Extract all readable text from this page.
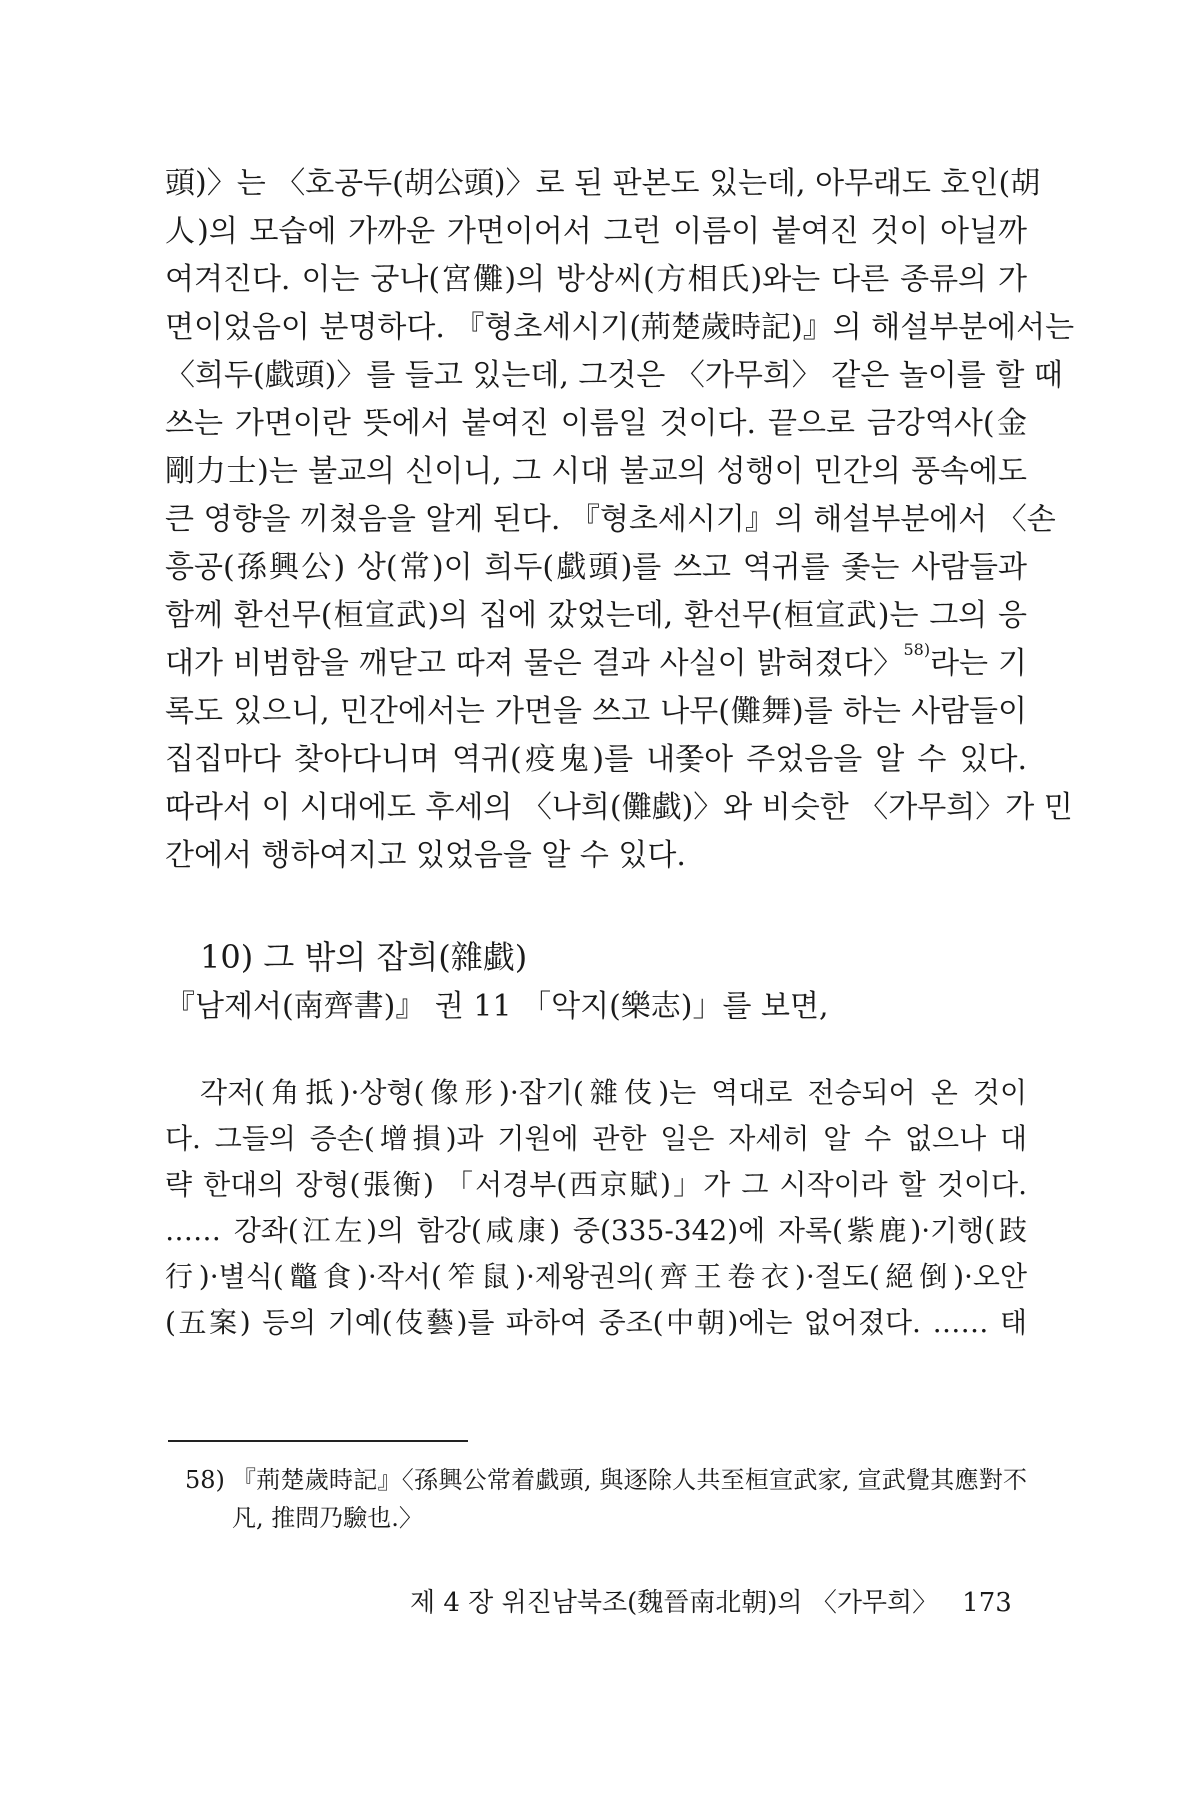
頭)〉는 〈호공두(胡公頭)〉로 된 판본도 있는데, 아무래도 호인(胡
人)의 모습에 가까운 가면이어서 그런 이름이 붙여진 것이 아닐까
여겨진다. 이는 궁나(宮儺)의 방상씨(方相氏)와는 다른 종류의 가
면이었음이 분명하다. 『형초세시기(荊楚歲時記)』의 해설부분에서는
〈희두(戱頭)〉를 들고 있는데, 그것은 〈가무희〉 같은 놀이를 할 때
쓰는 가면이란 뜻에서 붙여진 이름일 것이다. 끝으로 금강역사(金
剛力士)는 불교의 신이니, 그 시대 불교의 성행이 민간의 풍속에도
큰 영향을 끼쳤음을 알게 된다. 『형초세시기』의 해설부분에서 〈손
흥공(孫興公) 상(常)이 희두(戱頭)를 쓰고 역귀를 좇는 사람들과
함께 환선무(桓宣武)의 집에 갔었는데, 환선무(桓宣武)는 그의 응
대가 비범함을 깨닫고 따져 물은 결과 사실이 밝혀졌다〉$^{58)}$라는 기
록도 있으니, 민간에서는 가면을 쓰고 나무(儺舞)를 하는 사람들이
집집마다 찾아다니며 역귀(疫鬼)를 내쫓아 주었음을 알 수 있다.
따라서 이 시대에도 후세의 〈나희(儺戱)〉와 비슷한 〈가무희〉가 민
간에서 행하여지고 있었음을 알 수 있다.
10) 그 밖의 잡희(雜戱)
『남제서(南齊書)』 권 11 「악지(樂志)」를 보면,
각저(角抵)·상형(像形)·잡기(雜伎)는 역대로 전승되어 온 것이
다. 그들의 증손(增損)과 기원에 관한 일은 자세히 알 수 없으나 대
략 한대의 장형(張衡) 「서경부(西京賦)」가 그 시작이라 할 것이다.
…… 강좌(江左)의 함강(咸康) 중(335-342)에 자록(紫鹿)·기행(跂
行)·별식(鼈食)·작서(笮鼠)·제왕권의(齊王卷衣)·절도(絕倒)·오안
(五案) 등의 기예(伎藝)를 파하여 중조(中朝)에는 없어졌다. …… 태
58) 『荊楚歲時記』〈孫興公常着戱頭, 與逐除人共至桓宣武家, 宣武覺其應對不
凡, 推問乃驗也.〉
제 4 장 위진남북조(魏晉南北朝)의 〈가무희〉 173
